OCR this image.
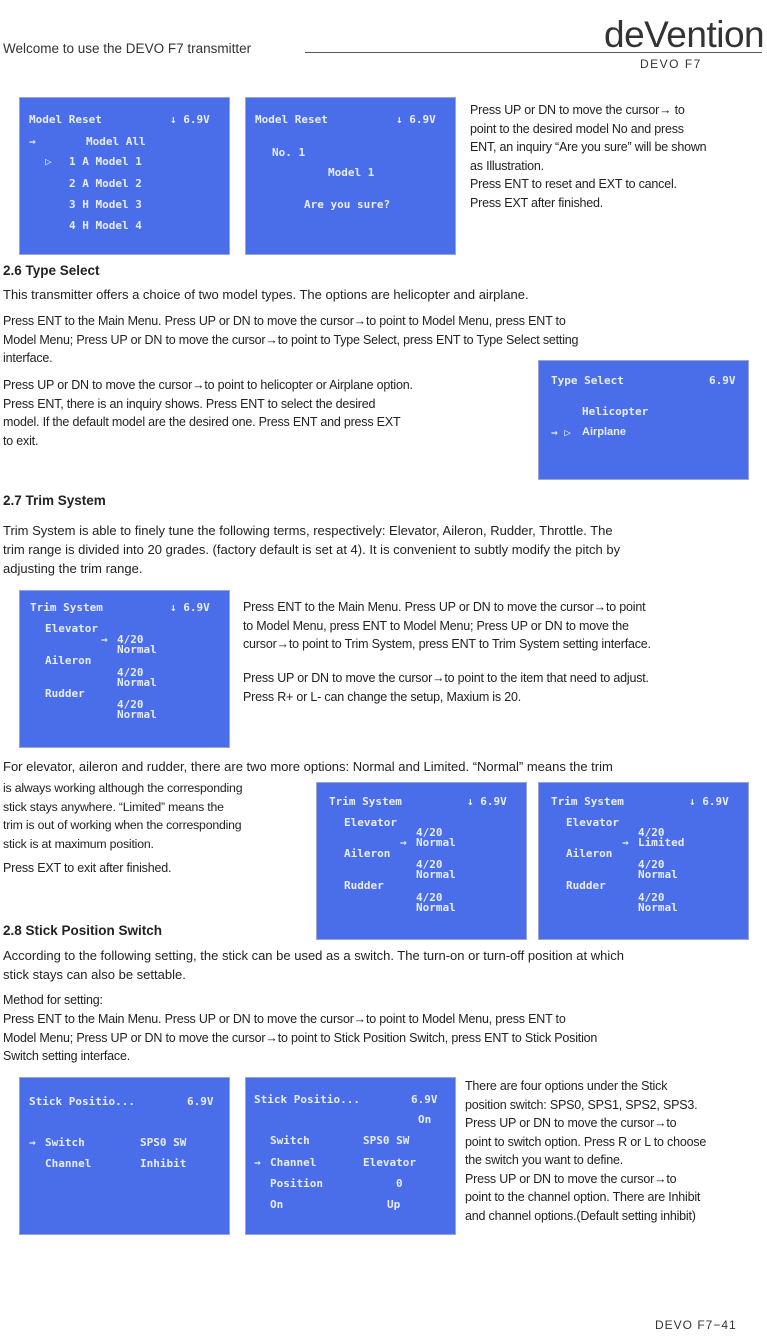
Welcome to use the DEVO F7 transmitter	deVention
DEVO F7
Model Reset	↓ 6.9V
→	Model All
▷ 1 A Model 1
2 A Model 2
3 H Model 3
4 H Model 4
Model Reset	↓ 6.9V
No. 1
Model 1
Are you sure?
Press UP or DN to move the cursor→ to
point to the desired model No and press
ENT, an inquiry “Are you sure” will be shown
as Illustration.
Press ENT to reset and EXT to cancel.
Press EXT after finished.
2.6 Type Select
This transmitter offers a choice of two model types. The options are helicopter and airplane.
Press ENT to the Main Menu. Press UP or DN to move the cursor→to point to Model Menu, press ENT to
Model Menu; Press UP or DN to move the cursor→to point to Type Select, press ENT to Type Select setting
interface.
Press UP or DN to move the cursor→to point to helicopter or Airplane option.
Press ENT, there is an inquiry shows. Press ENT to select the desired
model. If the default model are the desired one. Press ENT and press EXT
to exit.
Type Select	6.9V
Helicopter
→ ▷ Airplane
2.7 Trim System
Trim System is able to finely tune the following terms, respectively: Elevator, Aileron, Rudder, Throttle. The
trim range is divided into 20 grades. (factory default is set at 4). It is convenient to subtly modify the pitch by
adjusting the trim range.
Trim System	↓ 6.9V
Elevator
→ 4/20
Normal
Aileron
4/20
Normal
Rudder
4/20
Normal
Press ENT to the Main Menu. Press UP or DN to move the cursor→to point
to Model Menu, press ENT to Model Menu; Press UP or DN to move the
cursor→to point to Trim System, press ENT to Trim System setting interface.
Press UP or DN to move the cursor→to point to the item that need to adjust.
Press R+ or L- can change the setup, Maxium is 20.
For elevator, aileron and rudder, there are two more options: Normal and Limited. “Normal” means the trim
is always working although the corresponding
stick stays anywhere. “Limited” means the
trim is out of working when the corresponding
stick is at maximum position.
Press EXT to exit after finished.
Trim System	↓ 6.9V
Elevator
4/20
→ Normal
Aileron
4/20
Normal
Rudder
4/20
Normal
Trim System	↓ 6.9V
Elevator
4/20
→ Limited
Aileron
4/20
Normal
Rudder
4/20
Normal
2.8 Stick Position Switch
According to the following setting, the stick can be used as a switch. The turn-on or turn-off position at which
stick stays can also be settable.
Method for setting:
Press ENT to the Main Menu. Press UP or DN to move the cursor→to point to Model Menu, press ENT to
Model Menu; Press UP or DN to move the cursor→to point to Stick Position Switch, press ENT to Stick Position
Switch setting interface.
Stick Positio...	6.9V
→ Switch	SPS0 SW
Channel	Inhibit
Stick Positio...	6.9V
On
Switch	SPS0 SW
→ Channel	Elevator
Position	0
On	Up
There are four options under the Stick
position switch: SPS0, SPS1, SPS2, SPS3.
Press UP or DN to move the cursor→to
point to switch option. Press R or L to choose
the switch you want to define.
Press UP or DN to move the cursor→to
point to the channel option. There are Inhibit
and channel options.(Default setting inhibit)
DEVO F7−41
